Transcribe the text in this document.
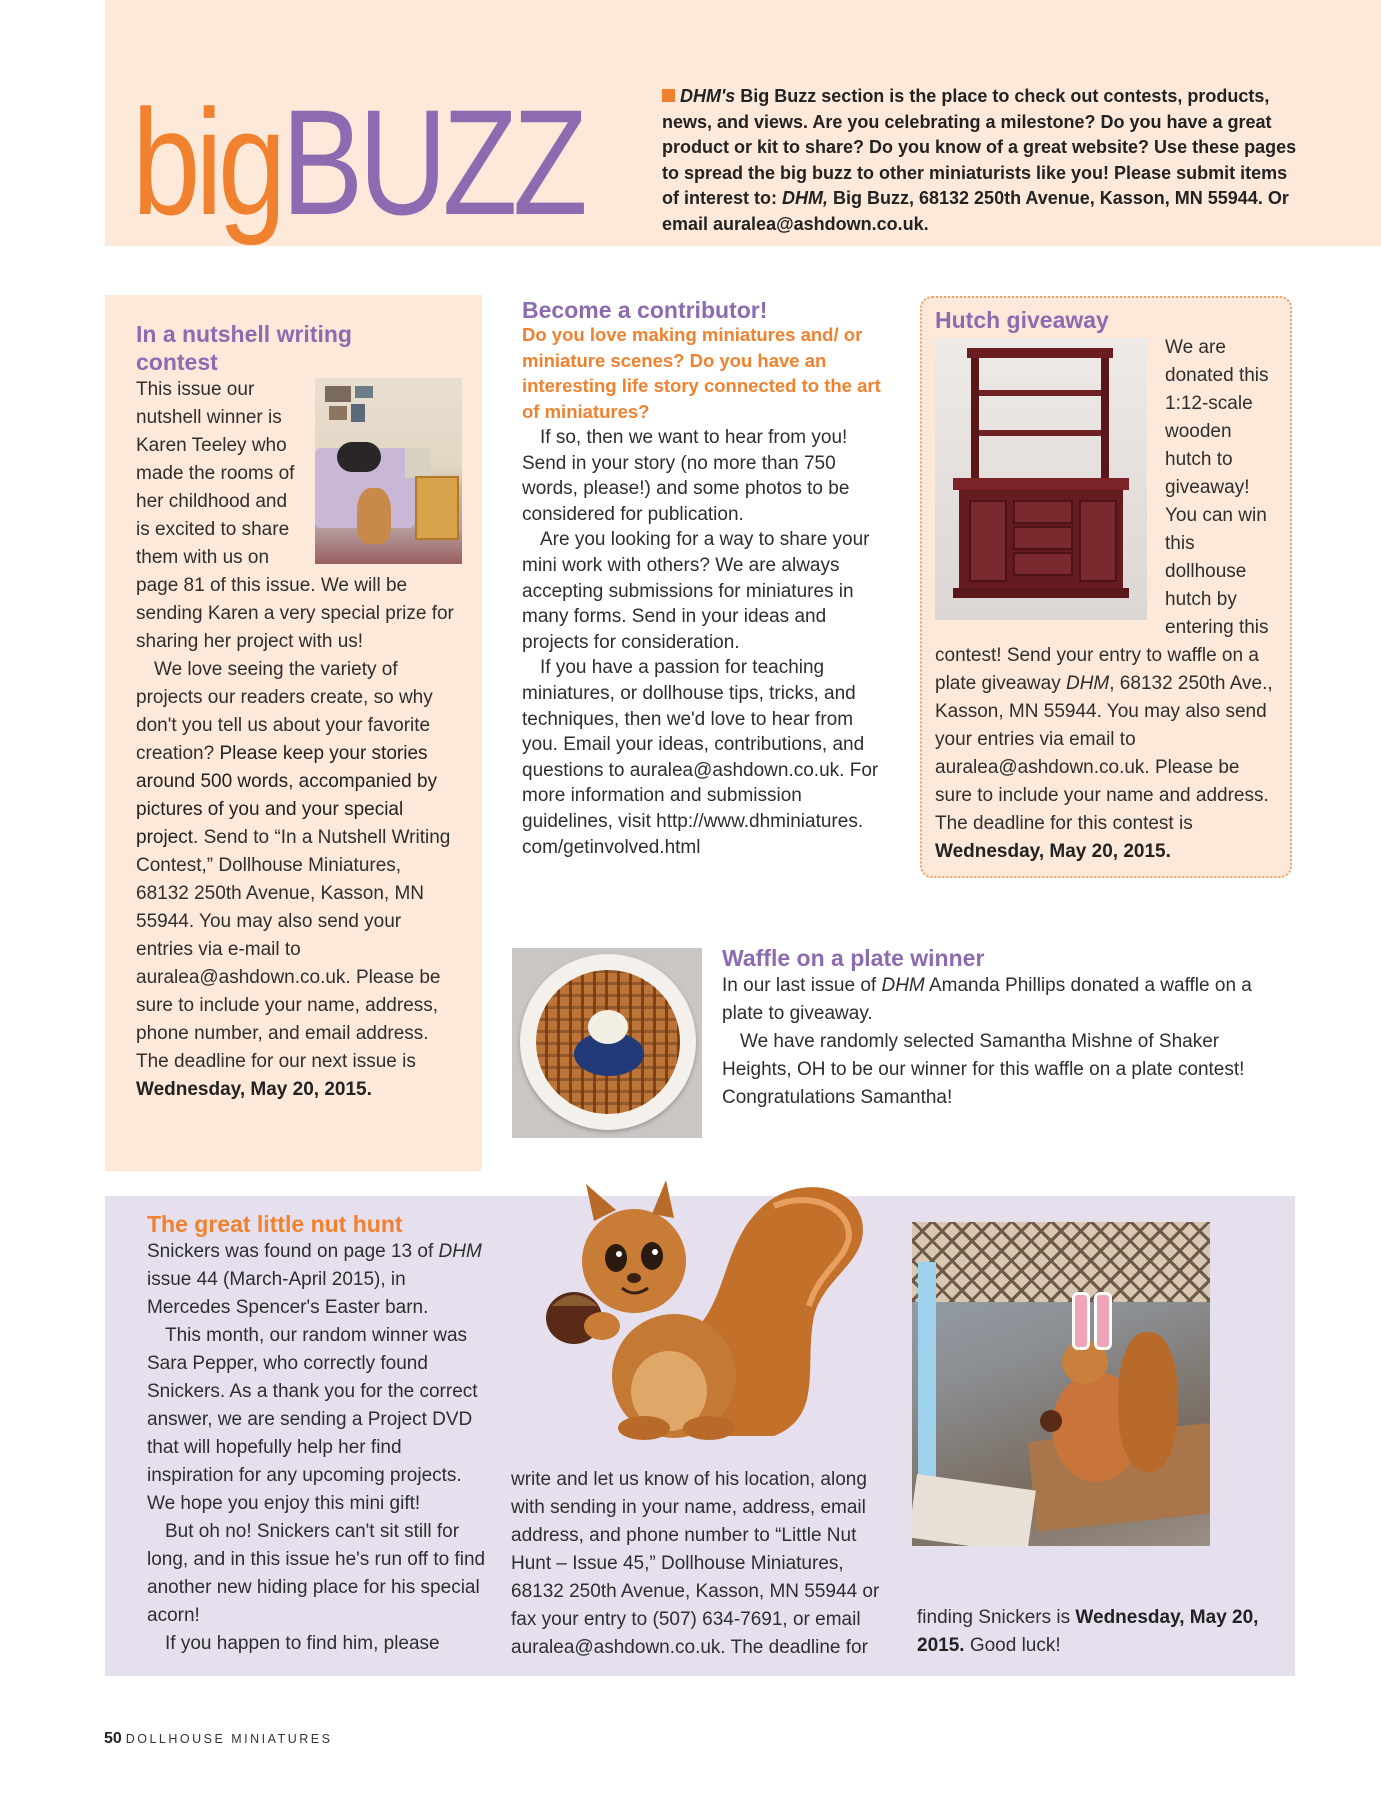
bigBUZZ	DHM's Big Buzz section is the place to check out contests, products, news, and views. Are you celebrating a milestone? Do you have a great product or kit to share? Do you know of a great website? Use these pages to spread the big buzz to other miniaturists like you! Please submit items of interest to: DHM, Big Buzz, 68132 250th Avenue, Kasson, MN 55944. Or email auralea@ashdown.co.uk.
In a nutshell writing contest

This issue our nutshell winner is Karen Teeley who made the rooms of her childhood and is excited to share them with us on page 81 of this issue. We will be sending Karen a very special prize for sharing her project with us!

We love seeing the variety of projects our readers create, so why don't you tell us about your favorite creation? Please keep your stories around 500 words, accompanied by pictures of you and your special project. Send to “In a Nutshell Writing Contest,” Dollhouse Miniatures, 68132 250th Avenue, Kasson, MN 55944. You may also send your entries via e-mail to auralea@ashdown.co.uk. Please be sure to include your name, address, phone number, and email address. The deadline for our next issue is Wednesday, May 20, 2015.

Become a contributor!
Do you love making miniatures and/ or miniature scenes? Do you have an interesting life story connected to the art of miniatures?

If so, then we want to hear from you! Send in your story (no more than 750 words, please!) and some photos to be considered for publication.

Are you looking for a way to share your mini work with others? We are always accepting submissions for miniatures in many forms. Send in your ideas and projects for consideration.

If you have a passion for teaching miniatures, or dollhouse tips, tricks, and techniques, then we'd love to hear from you. Email your ideas, contributions, and questions to auralea@ashdown.co.uk. For more information and submission guidelines, visit http://www.dhminiatures. com/getinvolved.html

Hutch giveaway

We are donated this 1:12-scale wooden hutch to giveaway! You can win this dollhouse hutch by entering this contest! Send your entry to waffle on a plate giveaway DHM, 68132 250th Ave., Kasson, MN 55944. You may also send your entries via email to auralea@ashdown.co.uk. Please be sure to include your name and address. The deadline for this contest is Wednesday, May 20, 2015.

Waffle on a plate winner

In our last issue of DHM Amanda Phillips donated a waffle on a plate to giveaway.

We have randomly selected Samantha Mishne of Shaker Heights, OH to be our winner for this waffle on a plate contest! Congratulations Samantha!

The great little nut hunt

Snickers was found on page 13 of DHM issue 44 (March-April 2015), in Mercedes Spencer's Easter barn.

This month, our random winner was Sara Pepper, who correctly found Snickers. As a thank you for the correct answer, we are sending a Project DVD that will hopefully help her find inspiration for any upcoming projects. We hope you enjoy this mini gift!

But oh no! Snickers can't sit still for long, and in this issue he's run off to find another new hiding place for his special acorn!

If you happen to find him, please

write and let us know of his location, along with sending in your name, address, email address, and phone number to “Little Nut Hunt – Issue 45,” Dollhouse Miniatures, 68132 250th Avenue, Kasson, MN 55944 or fax your entry to (507) 634-7691, or email auralea@ashdown.co.uk. The deadline for
finding Snickers is Wednesday, May 20, 2015. Good luck!
50 DOLLHOUSE MINIATURES
